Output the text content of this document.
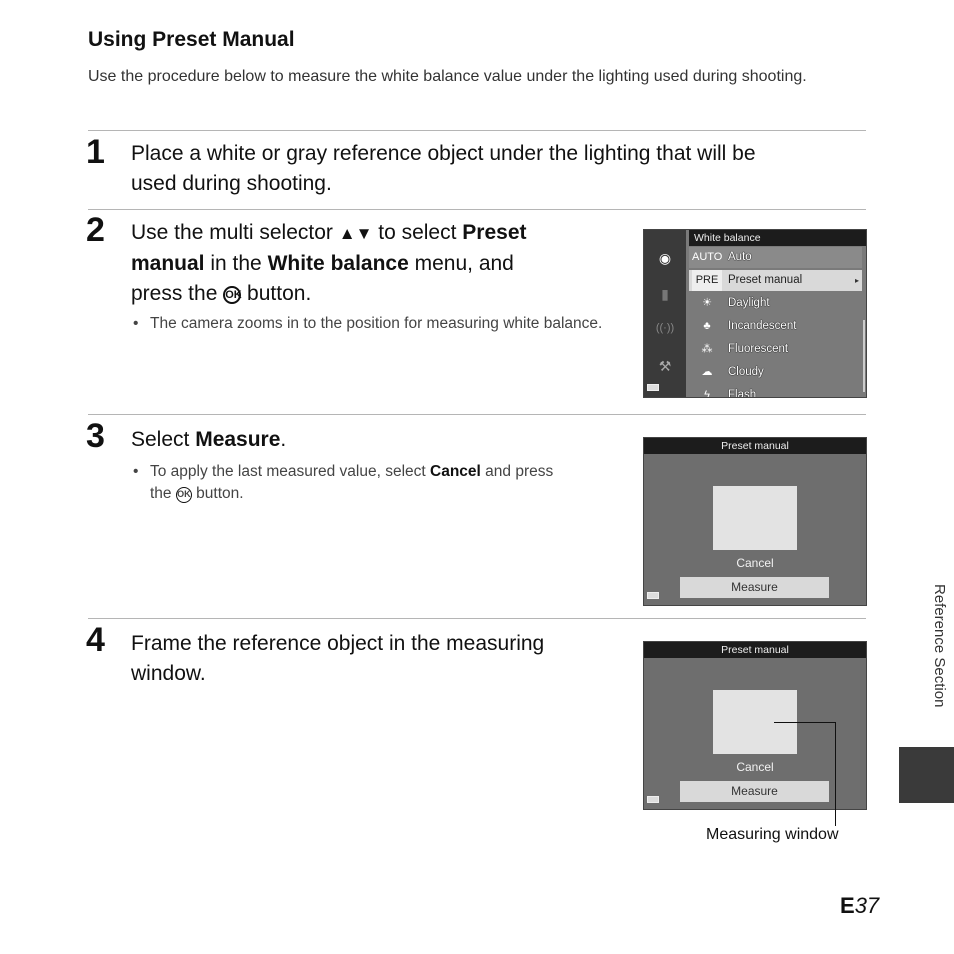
Using Preset Manual
Use the procedure below to measure the white balance value under the lighting used during shooting.
1 Place a white or gray reference object under the lighting that will be
used during shooting.
2 Use the multi selector ▲▼ to select Preset
manual in the White balance menu, and
press the OK button.
• The camera zooms in to the position for measuring white balance.
◉
▮
((·))
⚒
White balance
AUTO Auto
PRE Preset manual	▸
☀	Daylight
♣	Incandescent
⁂	Fluorescent
☁	Cloudy
ϟ	Flash
3 Select Measure.
• To apply the last measured value, select Cancel and press
the OK button.
Preset manual
Cancel
Measure
4 Frame the reference object in the measuring
window.
Preset manual
Cancel
Measure
Measuring window
Reference Section
E37
